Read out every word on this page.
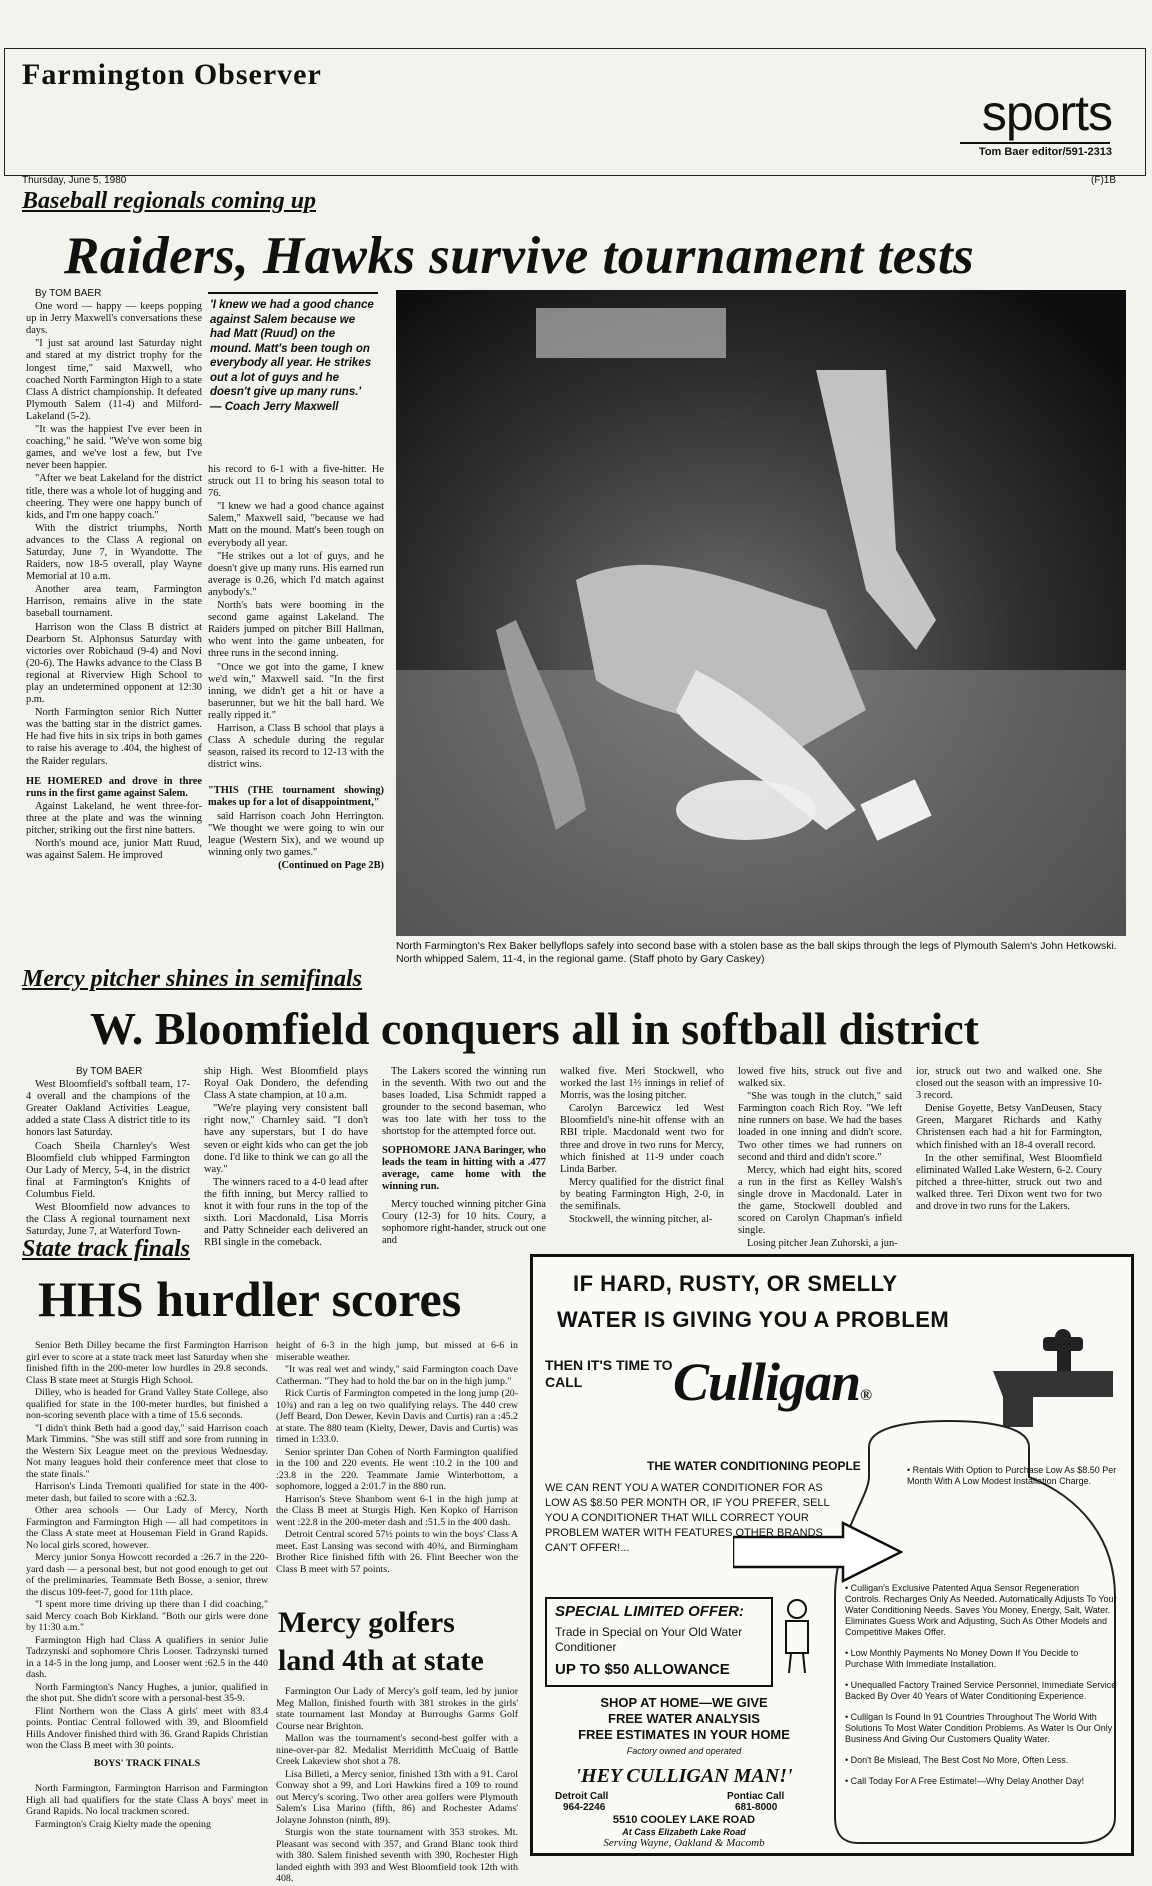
Farmington Observer
sports
Tom Baer editor/591-2313
Thursday, June 5, 1980	(F)1B
Baseball regionals coming up
Raiders, Hawks survive tournament tests

By TOM BAER

One word — happy — keeps popping up in Jerry Maxwell's conversations these days.

"I just sat around last Saturday night and stared at my district trophy for the longest time," said Maxwell, who coached North Farmington High to a state Class A district championship. It defeated Plymouth Salem (11-4) and Milford-Lakeland (5-2).

"It was the happiest I've ever been in coaching," he said. "We've won some big games, and we've lost a few, but I've never been happier.

"After we beat Lakeland for the district title, there was a whole lot of hugging and cheering. They were one happy bunch of kids, and I'm one happy coach."

With the district triumphs, North advances to the Class A regional on Saturday, June 7, in Wyandotte. The Raiders, now 18-5 overall, play Wayne Memorial at 10 a.m.

Another area team, Farmington Harrison, remains alive in the state baseball tournament.

Harrison won the Class B district at Dearborn St. Alphonsus Saturday with victories over Robichaud (9-4) and Novi (20-6). The Hawks advance to the Class B regional at Riverview High School to play an undetermined opponent at 12:30 p.m.

North Farmington senior Rich Nutter was the batting star in the district games. He had five hits in six trips in both games to raise his average to .404, the highest of the Raider regulars.

HE HOMERED and drove in three runs in the first game against Salem.

Against Lakeland, he went three-for-three at the plate and was the winning pitcher, striking out the first nine batters.

North's mound ace, junior Matt Ruud, was against Salem. He improved

'I knew we had a good chance against Salem because we had Matt (Ruud) on the mound. Matt's been tough on everybody all year. He strikes out a lot of guys and he doesn't give up many runs.'
— Coach Jerry Maxwell

his record to 6-1 with a five-hitter. He struck out 11 to bring his season total to 76.

"I knew we had a good chance against Salem," Maxwell said, "because we had Matt on the mound. Matt's been tough on everybody all year.

"He strikes out a lot of guys, and he doesn't give up many runs. His earned run average is 0.26, which I'd match against anybody's."

North's bats were booming in the second game against Lakeland. The Raiders jumped on pitcher Bill Hallman, who went into the game unbeaten, for three runs in the second inning.

"Once we got into the game, I knew we'd win," Maxwell said. "In the first inning, we didn't get a hit or have a baserunner, but we hit the ball hard. We really ripped it."

Harrison, a Class B school that plays a Class A schedule during the regular season, raised its record to 12-13 with the district wins.

"THIS (THE tournament showing) makes up for a lot of disappointment,"

said Harrison coach John Herrington. "We thought we were going to win our league (Western Six), and we wound up winning only two games."

(Continued on Page 2B)

North Farmington's Rex Baker bellyflops safely into second base with a stolen base as the ball skips through the legs of Plymouth Salem's John Hetkowski. North whipped Salem, 11-4, in the regional game. (Staff photo by Gary Caskey)
Mercy pitcher shines in semifinals
W. Bloomfield conquers all in softball district

By TOM BAER

West Bloomfield's softball team, 17-4 overall and the champions of the Greater Oakland Activities League, added a state Class A district title to its honors last Saturday.

Coach Sheila Charnley's West Bloomfield club whipped Farmington Our Lady of Mercy, 5-4, in the district final at Farmington's Knights of Columbus Field.

West Bloomfield now advances to the Class A regional tournament next Saturday, June 7, at Waterford Town-

ship High. West Bloomfield plays Royal Oak Dondero, the defending Class A state champion, at 10 a.m.

"We're playing very consistent ball right now," Charnley said. "I don't have any superstars, but I do have seven or eight kids who can get the job done. I'd like to think we can go all the way."

The winners raced to a 4-0 lead after the fifth inning, but Mercy rallied to knot it with four runs in the top of the sixth. Lori Macdonald, Lisa Morris and Patty Schneider each delivered an RBI single in the comeback.

The Lakers scored the winning run in the seventh. With two out and the bases loaded, Lisa Schmidt rapped a grounder to the second baseman, who was too late with her toss to the shortstop for the attempted force out.

SOPHOMORE JANA Baringer, who leads the team in hitting with a .477 average, came home with the winning run.

Mercy touched winning pitcher Gina Coury (12-3) for 10 hits. Coury, a sophomore right-hander, struck out one and

walked five. Meri Stockwell, who worked the last 1⅔ innings in relief of Morris, was the losing pitcher.

Carolyn Barcewicz led West Bloomfield's nine-hit offense with an RBI triple. Macdonald went two for three and drove in two runs for Mercy, which finished at 11-9 under coach Linda Barber.

Mercy qualified for the district final by beating Farmington High, 2-0, in the semifinals.

Stockwell, the winning pitcher, al-

lowed five hits, struck out five and walked six.

"She was tough in the clutch," said Farmington coach Rich Roy. "We left nine runners on base. We had the bases loaded in one inning and didn't score. Two other times we had runners on second and third and didn't score."

Mercy, which had eight hits, scored a run in the first as Kelley Walsh's single drove in Macdonald. Later in the game, Stockwell doubled and scored on Carolyn Chapman's infield single.

Losing pitcher Jean Zuhorski, a jun-

ior, struck out two and walked one. She closed out the season with an impressive 10-3 record.

Denise Goyette, Betsy VanDeusen, Stacy Green, Margaret Richards and Kathy Christensen each had a hit for Farmington, which finished with an 18-4 overall record.

In the other semifinal, West Bloomfield eliminated Walled Lake Western, 6-2. Coury pitched a three-hitter, struck out two and walked three. Teri Dixon went two for two and drove in two runs for the Lakers.

State track finals
HHS hurdler scores

Senior Beth Dilley became the first Farmington Harrison girl ever to score at a state track meet last Saturday when she finished fifth in the 200-meter low hurdles in 29.8 seconds. Class B state meet at Sturgis High School.

Dilley, who is headed for Grand Valley State College, also qualified for state in the 100-meter hurdles, but finished a non-scoring seventh place with a time of 15.6 seconds.

"I didn't think Beth had a good day," said Harrison coach Mark Timmins. "She was still stiff and sore from running in the Western Six League meet on the previous Wednesday. Not many leagues hold their conference meet that close to the state finals."

Harrison's Linda Tremonti qualified for state in the 400-meter dash, but failed to score with a :62.3.

Other area schools — Our Lady of Mercy, North Farmington and Farmington High — all had competitors in the Class A state meet at Houseman Field in Grand Rapids. No local girls scored, however.

Mercy junior Sonya Howcott recorded a :26.7 in the 220-yard dash — a personal best, but not good enough to get out of the preliminaries. Teammate Beth Bosse, a senior, threw the discus 109-feet-7, good for 11th place.

"I spent more time driving up there than I did coaching," said Mercy coach Bob Kirkland. "Both our girls were done by 11:30 a.m."

Farmington High had Class A qualifiers in senior Julie Tadrzynski and sophomore Chris Looser. Tadrzynski turned in a 14-5 in the long jump, and Looser went :62.5 in the 440 dash.

North Farmington's Nancy Hughes, a junior, qualified in the shot put. She didn't score with a personal-best 35-9.

Flint Northern won the Class A girls' meet with 83.4 points. Pontiac Central followed with 39, and Bloomfield Hills Andover finished third with 36. Grand Rapids Christian won the Class B meet with 30 points.

BOYS' TRACK FINALS

North Farmington, Farmington Harrison and Farmington High all had qualifiers for the state Class A boys' meet in Grand Rapids. No local trackmen scored.

Farmington's Craig Kielty made the opening

height of 6-3 in the high jump, but missed at 6-6 in miserable weather.

"It was real wet and windy," said Farmington coach Dave Catherman. "They had to hold the bar on in the high jump."

Rick Curtis of Farmington competed in the long jump (20-10¾) and ran a leg on two qualifying relays. The 440 crew (Jeff Beard, Don Dewer, Kevin Davis and Curtis) ran a :45.2 at state. The 880 team (Kielty, Dewer, Davis and Curtis) was timed in 1:33.0.

Senior sprinter Dan Cohen of North Farmington qualified in the 100 and 220 events. He went :10.2 in the 100 and :23.8 in the 220. Teammate Jamie Winterbottom, a sophomore, logged a 2:01.7 in the 880 run.

Harrison's Steve Shanbom went 6-1 in the high jump at the Class B meet at Sturgis High. Ken Kopko of Harrison went :22.8 in the 200-meter dash and :51.5 in the 400 dash.

Detroit Central scored 57½ points to win the boys' Class A meet. East Lansing was second with 40¾, and Birmingham Brother Rice finished fifth with 26. Flint Beecher won the Class B meet with 57 points.

Mercy golfers land 4th at state

Farmington Our Lady of Mercy's golf team, led by junior Meg Mallon, finished fourth with 381 strokes in the girls' state tournament last Monday at Burroughs Garms Golf Course near Brighton.

Mallon was the tournament's second-best golfer with a nine-over-par 82. Medalist Merriditth McCuaig of Battle Creek Lakeview shot shot a 78.

Lisa Billeti, a Mercy senior, finished 13th with a 91. Carol Conway shot a 99, and Lori Hawkins fired a 109 to round out Mercy's scoring. Two other area golfers were Plymouth Salem's Lisa Marino (fifth, 86) and Rochester Adams' Jolayne Johnston (ninth, 89).

Sturgis won the state tournament with 353 strokes. Mt. Pleasant was second with 357, and Grand Blanc took third with 380. Salem finished seventh with 390, Rochester High landed eighth with 393 and West Bloomfield took 12th with 408.

IF HARD, RUSTY, OR SMELLY
WATER IS GIVING YOU A PROBLEM
THEN IT'S TIME TO CALL	Culligan®
THE WATER CONDITIONING PEOPLE
WE CAN RENT YOU A WATER CONDITIONER FOR AS LOW AS $8.50 PER MONTH OR, IF YOU PREFER, SELL YOU A CONDITIONER THAT WILL CORRECT YOUR PROBLEM WATER WITH FEATURES OTHER BRANDS CAN'T OFFER!...
SPECIAL LIMITED OFFER:
Trade in Special on Your Old Water Conditioner
UP TO $50 ALLOWANCE
SHOP AT HOME—WE GIVE
FREE WATER ANALYSIS
FREE ESTIMATES IN YOUR HOME
Factory owned and operated
'HEY CULLIGAN MAN!'
Detroit Call
964-2246
Pontiac Call
681-8000
5510 COOLEY LAKE ROAD
At Cass Elizabeth Lake Road
Serving Wayne, Oakland & Macomb

• Rentals With Option to Purchase Low As $8.50 Per Month With A Low Modest Installation Charge.

• Culligan's Exclusive Patented Aqua Sensor Regeneration Controls. Recharges Only As Needed. Automatically Adjusts To Your Water Conditioning Needs. Saves You Money, Energy, Salt, Water. Eliminates Guess Work and Adjusting, Such As Other Models and Competitive Makes Offer.

• Low Monthly Payments No Money Down If You Decide to Purchase With Immediate Installation.

• Unequalled Factory Trained Service Personnel, Immediate Service Backed By Over 40 Years of Water Conditioning Experience.

• Culligan Is Found In 91 Countries Throughout The World With Solutions To Most Water Condition Problems. As Water Is Our Only Business And Giving Our Customers Quality Water.

• Don't Be Mislead, The Best Cost No More, Often Less.

• Call Today For A Free Estimate!—Why Delay Another Day!
